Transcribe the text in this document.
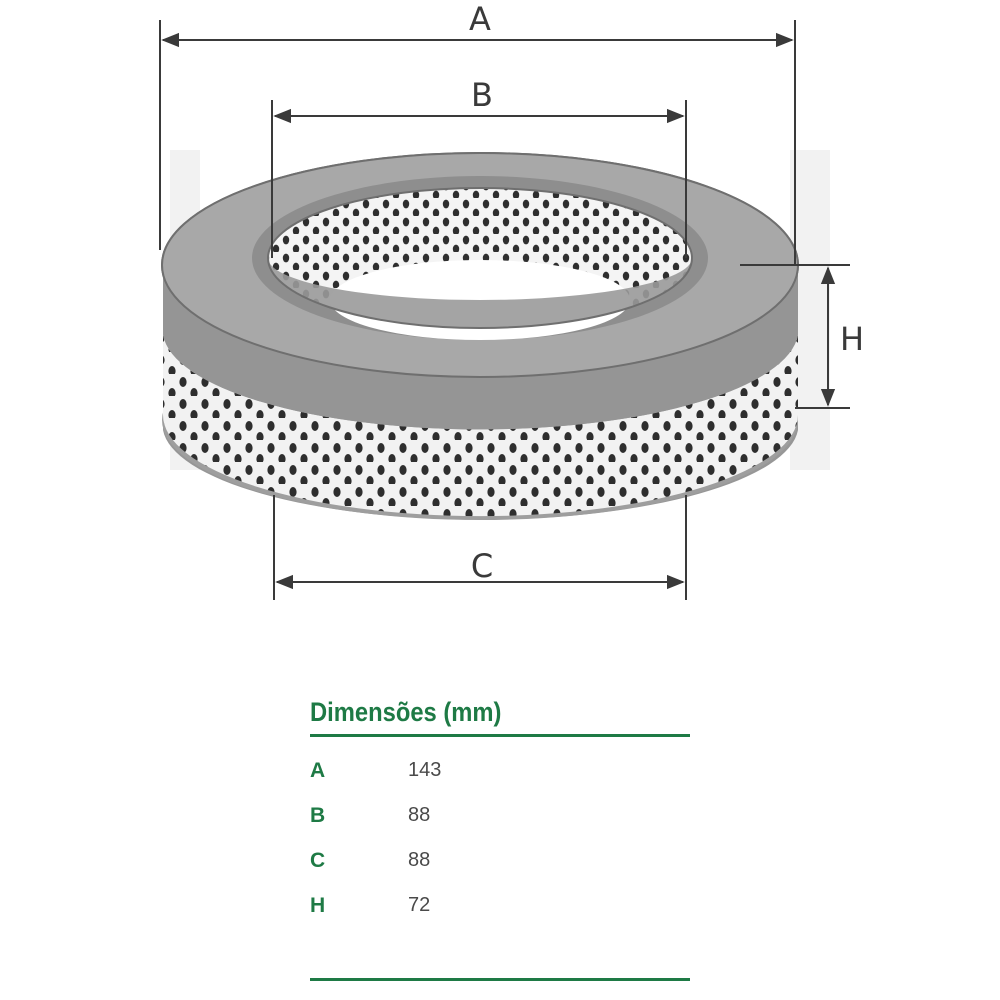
A
B
C
H
Dimensões (mm)
A	143
B	88
C	88
H	72
